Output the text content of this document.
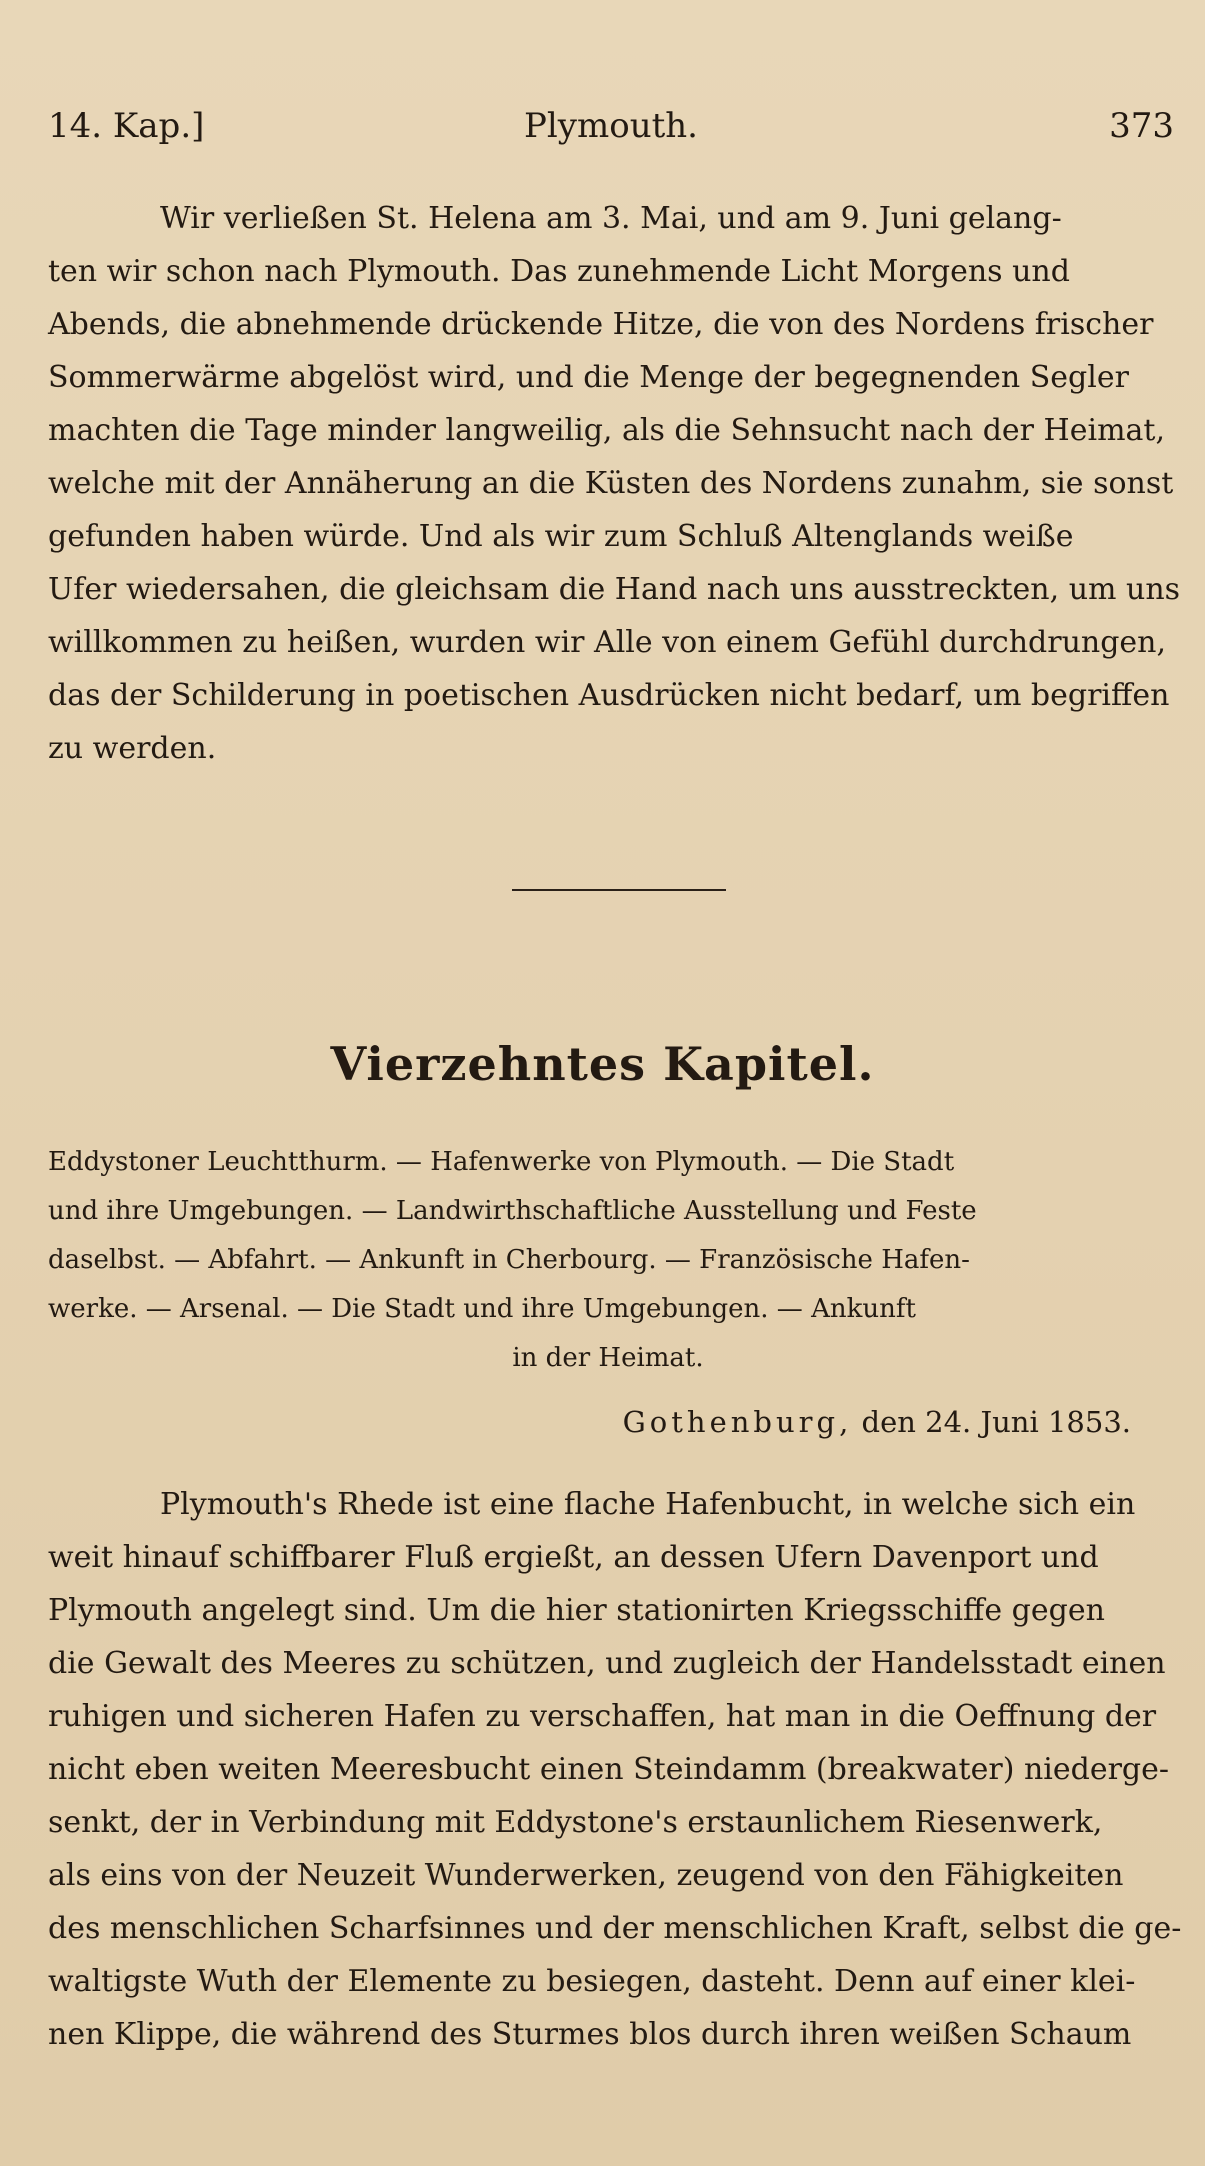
14. Kap.]	Plymouth.	373

Wir verließen St. Helena am 3. Mai, und am 9. Juni gelang-
ten wir schon nach Plymouth. Das zunehmende Licht Morgens und
Abends, die abnehmende drückende Hitze, die von des Nordens frischer
Sommerwärme abgelöst wird, und die Menge der begegnenden Segler
machten die Tage minder langweilig, als die Sehnsucht nach der Heimat,
welche mit der Annäherung an die Küsten des Nordens zunahm, sie sonst
gefunden haben würde. Und als wir zum Schluß Altenglands weiße
Ufer wiedersahen, die gleichsam die Hand nach uns ausstreckten, um uns
willkommen zu heißen, wurden wir Alle von einem Gefühl durchdrungen,
das der Schilderung in poetischen Ausdrücken nicht bedarf, um begriffen
zu werden.

Vierzehntes Kapitel.
Eddystoner Leuchtthurm. — Hafenwerke von Plymouth. — Die Stadt
und ihre Umgebungen. — Landwirthschaftliche Ausstellung und Feste
daselbst. — Abfahrt. — Ankunft in Cherbourg. — Französische Hafen-
werke. — Arsenal. — Die Stadt und ihre Umgebungen. — Ankunft
in der Heimat.
Gothenburg, den 24. Juni 1853.

Plymouth's Rhede ist eine flache Hafenbucht, in welche sich ein
weit hinauf schiffbarer Fluß ergießt, an dessen Ufern Davenport und
Plymouth angelegt sind. Um die hier stationirten Kriegsschiffe gegen
die Gewalt des Meeres zu schützen, und zugleich der Handelsstadt einen
ruhigen und sicheren Hafen zu verschaffen, hat man in die Oeffnung der
nicht eben weiten Meeresbucht einen Steindamm (breakwater) niederge-
senkt, der in Verbindung mit Eddystone's erstaunlichem Riesenwerk,
als eins von der Neuzeit Wunderwerken, zeugend von den Fähigkeiten
des menschlichen Scharfsinnes und der menschlichen Kraft, selbst die ge-
waltigste Wuth der Elemente zu besiegen, dasteht. Denn auf einer klei-
nen Klippe, die während des Sturmes blos durch ihren weißen Schaum
